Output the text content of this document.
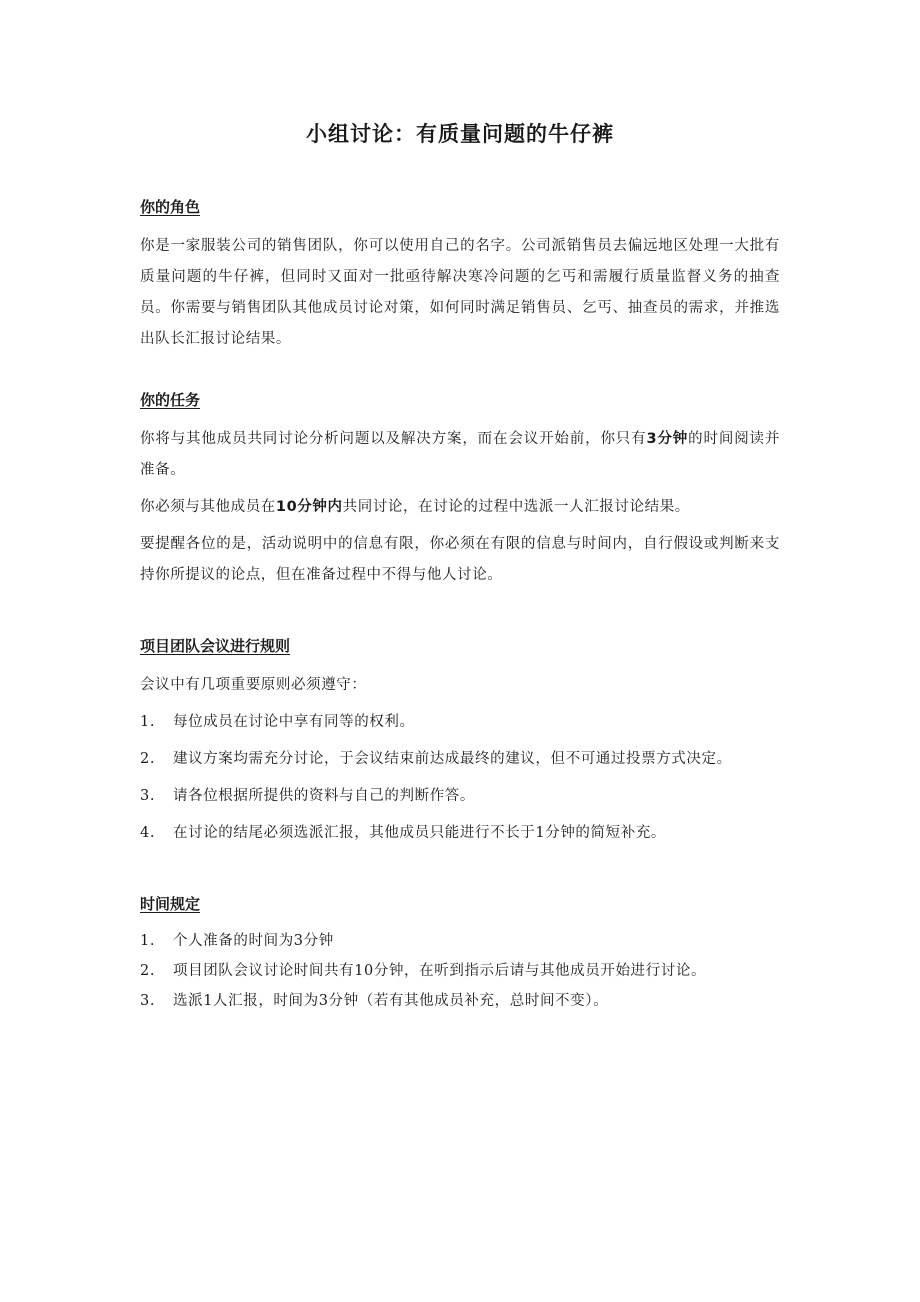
小组讨论：有质量问题的牛仔裤
你的角色

你是一家服装公司的销售团队，你可以使用自己的名字。公司派销售员去偏远地区处理一大批有质量问题的牛仔裤，但同时又面对一批亟待解决寒冷问题的乞丐和需履行质量监督义务的抽查员。你需要与销售团队其他成员讨论对策，如何同时满足销售员、乞丐、抽查员的需求，并推选出队长汇报讨论结果。

你的任务

你将与其他成员共同讨论分析问题以及解决方案，而在会议开始前，你只有3分钟的时间阅读并准备。

你必须与其他成员在10分钟内共同讨论，在讨论的过程中选派一人汇报讨论结果。

要提醒各位的是，活动说明中的信息有限，你必须在有限的信息与时间内，自行假设或判断来支持你所提议的论点，但在准备过程中不得与他人讨论。

项目团队会议进行规则

会议中有几项重要原则必须遵守：

1.	每位成员在讨论中享有同等的权利。
2.	建议方案均需充分讨论，于会议结束前达成最终的建议，但不可通过投票方式决定。
3.	请各位根据所提供的资料与自己的判断作答。
4.	在讨论的结尾必须选派汇报，其他成员只能进行不长于1分钟的简短补充。
时间规定
1.	个人准备的时间为3分钟
2.	项目团队会议讨论时间共有10分钟，在听到指示后请与其他成员开始进行讨论。
3.	选派1人汇报，时间为3分钟（若有其他成员补充，总时间不变）。
